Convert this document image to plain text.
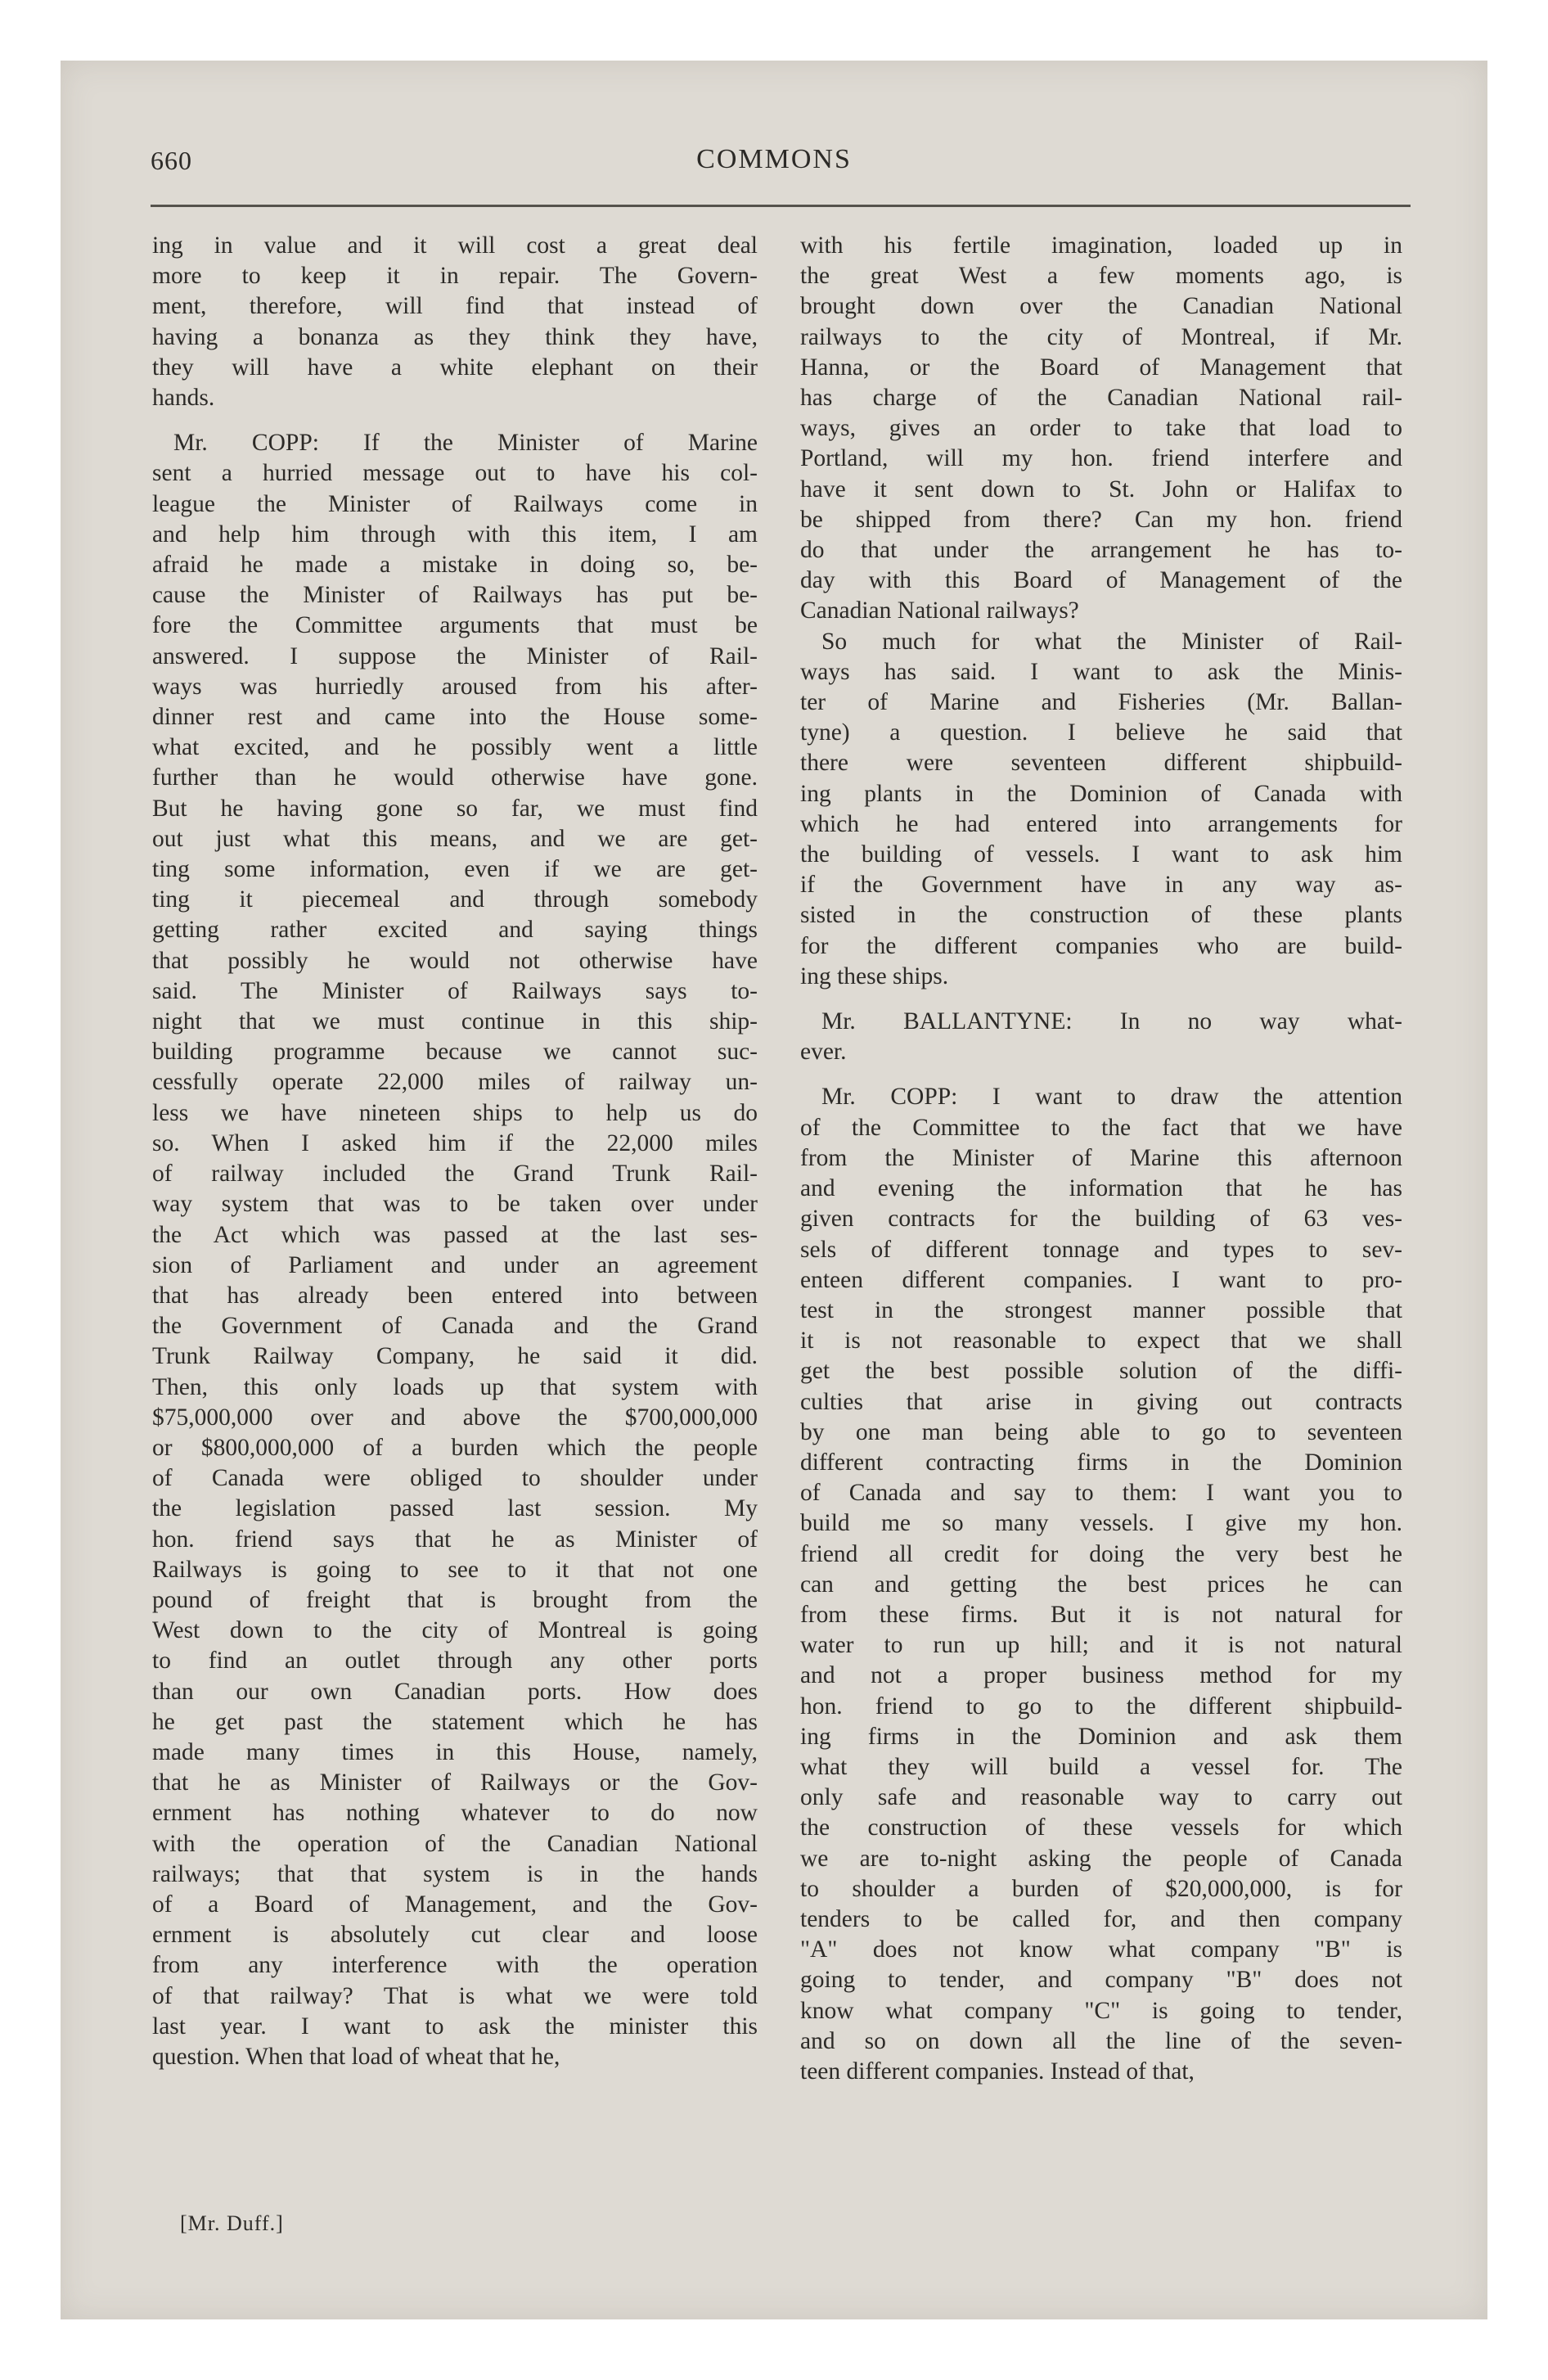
660	COMMONS
ing in value and it will cost a great deal
more to keep it in repair. The Govern-
ment, therefore, will find that instead of
having a bonanza as they think they have,
they will have a white elephant on their
hands.
Mr. COPP: If the Minister of Marine
sent a hurried message out to have his col-
league the Minister of Railways come in
and help him through with this item, I am
afraid he made a mistake in doing so, be-
cause the Minister of Railways has put be-
fore the Committee arguments that must be
answered. I suppose the Minister of Rail-
ways was hurriedly aroused from his after-
dinner rest and came into the House some-
what excited, and he possibly went a little
further than he would otherwise have gone.
But he having gone so far, we must find
out just what this means, and we are get-
ting some information, even if we are get-
ting it piecemeal and through somebody
getting rather excited and saying things
that possibly he would not otherwise have
said. The Minister of Railways says to-
night that we must continue in this ship-
building programme because we cannot suc-
cessfully operate 22,000 miles of railway un-
less we have nineteen ships to help us do
so. When I asked him if the 22,000 miles
of railway included the Grand Trunk Rail-
way system that was to be taken over under
the Act which was passed at the last ses-
sion of Parliament and under an agreement
that has already been entered into between
the Government of Canada and the Grand
Trunk Railway Company, he said it did.
Then, this only loads up that system with
$75,000,000 over and above the $700,000,000
or $800,000,000 of a burden which the people
of Canada were obliged to shoulder under
the legislation passed last session. My
hon. friend says that he as Minister of
Railways is going to see to it that not one
pound of freight that is brought from the
West down to the city of Montreal is going
to find an outlet through any other ports
than our own Canadian ports. How does
he get past the statement which he has
made many times in this House, namely,
that he as Minister of Railways or the Gov-
ernment has nothing whatever to do now
with the operation of the Canadian National
railways; that that system is in the hands
of a Board of Management, and the Gov-
ernment is absolutely cut clear and loose
from any interference with the operation
of that railway? That is what we were told
last year. I want to ask the minister this
question. When that load of wheat that he,
with his fertile imagination, loaded up in
the great West a few moments ago, is
brought down over the Canadian National
railways to the city of Montreal, if Mr.
Hanna, or the Board of Management that
has charge of the Canadian National rail-
ways, gives an order to take that load to
Portland, will my hon. friend interfere and
have it sent down to St. John or Halifax to
be shipped from there? Can my hon. friend
do that under the arrangement he has to-
day with this Board of Management of the
Canadian National railways?
So much for what the Minister of Rail-
ways has said. I want to ask the Minis-
ter of Marine and Fisheries (Mr. Ballan-
tyne) a question. I believe he said that
there were seventeen different shipbuild-
ing plants in the Dominion of Canada with
which he had entered into arrangements for
the building of vessels. I want to ask him
if the Government have in any way as-
sisted in the construction of these plants
for the different companies who are build-
ing these ships.
Mr. BALLANTYNE: In no way what-
ever.
Mr. COPP: I want to draw the attention
of the Committee to the fact that we have
from the Minister of Marine this afternoon
and evening the information that he has
given contracts for the building of 63 ves-
sels of different tonnage and types to sev-
enteen different companies. I want to pro-
test in the strongest manner possible that
it is not reasonable to expect that we shall
get the best possible solution of the diffi-
culties that arise in giving out contracts
by one man being able to go to seventeen
different contracting firms in the Dominion
of Canada and say to them: I want you to
build me so many vessels. I give my hon.
friend all credit for doing the very best he
can and getting the best prices he can
from these firms. But it is not natural for
water to run up hill; and it is not natural
and not a proper business method for my
hon. friend to go to the different shipbuild-
ing firms in the Dominion and ask them
what they will build a vessel for. The
only safe and reasonable way to carry out
the construction of these vessels for which
we are to-night asking the people of Canada
to shoulder a burden of $20,000,000, is for
tenders to be called for, and then company
"A" does not know what company "B" is
going to tender, and company "B" does not
know what company "C" is going to tender,
and so on down all the line of the seven-
teen different companies. Instead of that,
[Mr. Duff.]
